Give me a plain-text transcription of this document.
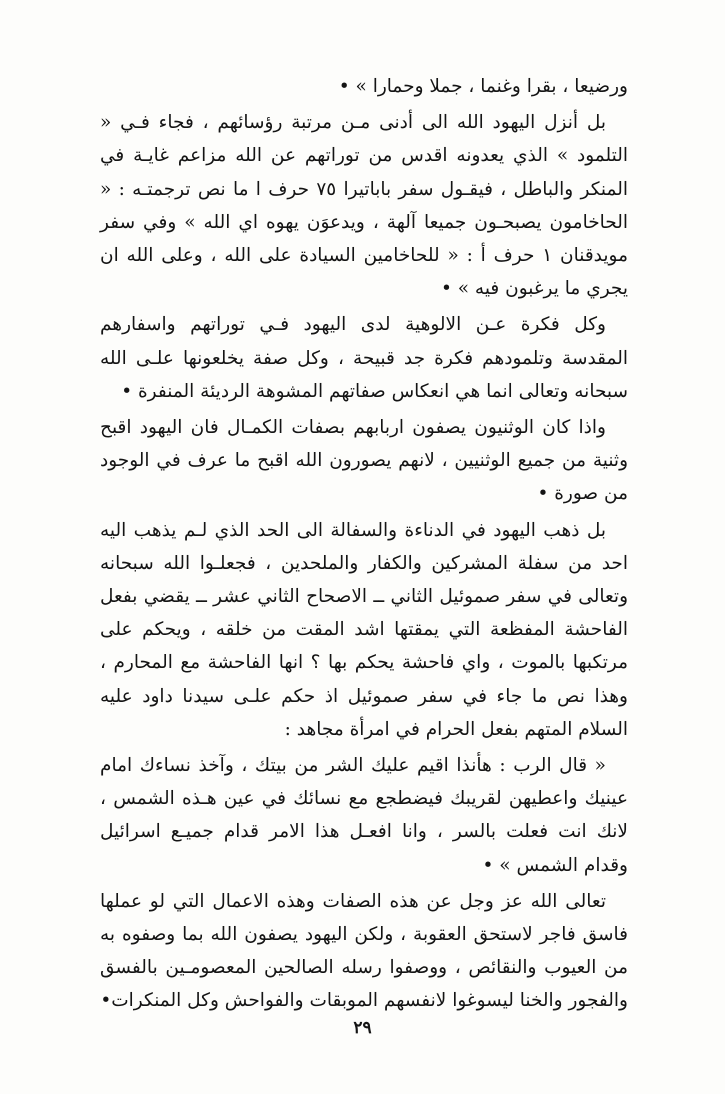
ورضيعا ، بقرا وغنما ، جملا وحمارا » •

بل أنزل اليهود الله الى أدنى مـن مرتبة رؤسائهم ، فجاء فـي « التلمود » الذي يعدونه اقدس من توراتهم عن الله مزاعم غايـة في المنكر والباطل ، فيقـول سفر باباتيرا ٧٥ حرف ا ما نص ترجمتـه : « الحاخامون يصبحـون جميعا آلهة ، ويدعوَن يهوه اي الله » وفي سفر مويدقنان ١ حرف أ : « للحاخامين السيادة على الله ، وعلى الله ان يجري ما يرغبون فيه » •

وكل فكرة عـن الالوهية لدى اليهود فـي توراتهم واسفارهم المقدسة وتلمودهم فكرة جد قبيحة ، وكل صفة يخلعونها علـى الله سبحانه وتعالى انما هي انعكاس صفاتهم المشوهة الرديئة المنفرة •

واذا كان الوثنيون يصفون اربابهم بصفات الكمـال فان اليهود اقبح وثنية من جميع الوثنيين ، لانهم يصورون الله اقبح ما عرف في الوجود من صورة •

بل ذهب اليهود في الدناءة والسفالة الى الحد الذي لـم يذهب اليه احد من سفلة المشركين والكفار والملحدين ، فجعلـوا الله سبحانه وتعالى في سفر صموئيل الثاني ــ الاصحاح الثاني عشر ــ يقضي بفعل الفاحشة المفظعة التي يمقتها اشد المقت من خلقه ، ويحكم على مرتكبها بالموت ، واي فاحشة يحكم بها ؟ انها الفاحشة مع المحارم ، وهذا نص ما جاء في سفر صموئيل اذ حكم علـى سيدنا داود عليه السلام المتهم بفعل الحرام في امرأة مجاهد :

« قال الرب : هأنذا اقيم عليك الشر من بيتك ، وآخذ نساءك امام عينيك واعطيهن لقريبك فيضطجع مع نسائك في عين هـذه الشمس ، لانك انت فعلت بالسر ، وانا افعـل هذا الامر قدام جميـع اسرائيل وقدام الشمس » •

تعالى الله عز وجل عن هذه الصفات وهذه الاعمال التي لو عملها فاسق فاجر لاستحق العقوبة ، ولكن اليهود يصفون الله بما وصفوه به من العيوب والنقائص ، ووصفوا رسله الصالحين المعصومـين بالفسق والفجور والخنا ليسوغوا لانفسهم الموبقات والفواحش وكل المنكرات•

٢٩
